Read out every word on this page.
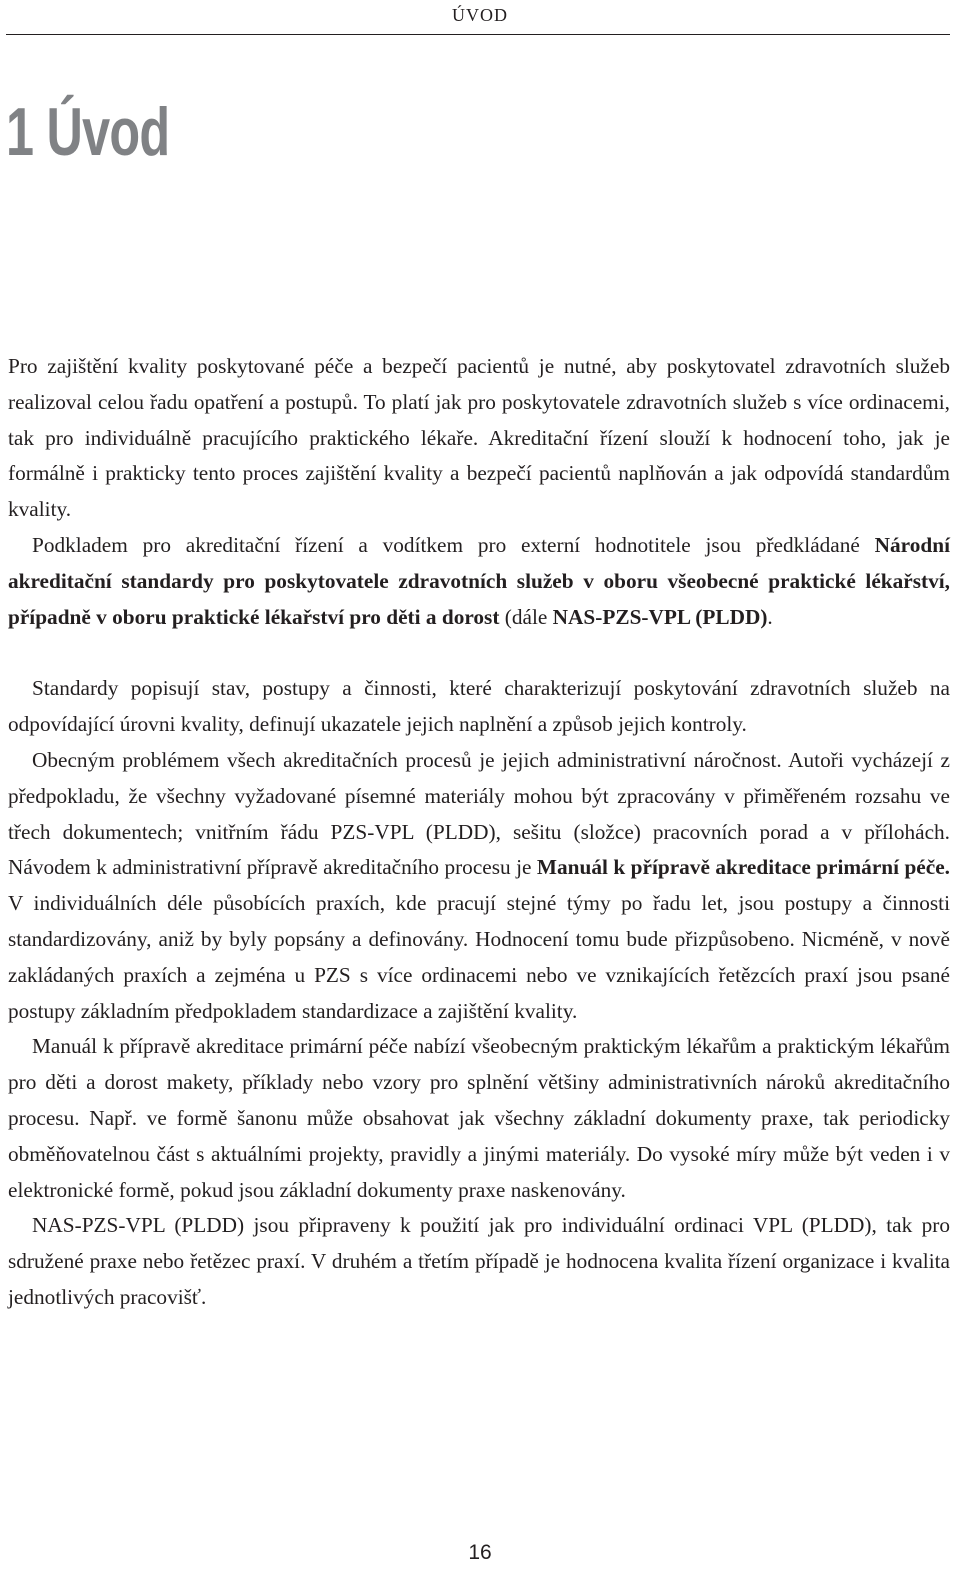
ÚVOD
1 Úvod

Pro zajištění kvality poskytované péče a bezpečí pacientů je nutné, aby poskytovatel zdravotních služeb realizoval celou řadu opatření a postupů. To platí jak pro poskytovatele zdravotních služeb s více ordinacemi, tak pro individuálně pracujícího praktického lékaře. Akreditační řízení slouží k hodnocení toho, jak je formálně i prakticky tento proces zajištění kvality a bezpečí pacientů naplňován a jak odpovídá standardům kvality.

Podkladem pro akreditační řízení a vodítkem pro externí hodnotitele jsou předkládané Národní akreditační standardy pro poskytovatele zdravotních služeb v oboru všeobecné praktické lékařství, případně v oboru praktické lékařství pro děti a dorost (dále NAS-PZS-VPL (PLDD).

Standardy popisují stav, postupy a činnosti, které charakterizují poskytování zdravotních služeb na odpovídající úrovni kvality, definují ukazatele jejich naplnění a způsob jejich kontroly.

Obecným problémem všech akreditačních procesů je jejich administrativní náročnost. Autoři vycházejí z předpokladu, že všechny vyžadované písemné materiály mohou být zpracovány v přiměřeném rozsahu ve třech dokumentech; vnitřním řádu PZS-VPL (PLDD), sešitu (složce) pracovních porad a v přílohách. Návodem k administrativní přípravě akreditačního procesu je Manuál k přípravě akreditace primární péče. V individuálních déle působících praxích, kde pracují stejné týmy po řadu let, jsou postupy a činnosti standardizovány, aniž by byly popsány a definovány. Hodnocení tomu bude přizpůsobeno. Nicméně, v nově zakládaných praxích a zejména u PZS s více ordinacemi nebo ve vznikajících řetězcích praxí jsou psané postupy základním předpokladem standardizace a zajištění kvality.

Manuál k přípravě akreditace primární péče nabízí všeobecným praktickým lékařům a praktickým lékařům pro děti a dorost makety, příklady nebo vzory pro splnění většiny administrativních nároků akreditačního procesu. Např. ve formě šanonu může obsahovat jak všechny základní dokumenty praxe, tak periodicky obměňovatelnou část s aktuálními projekty, pravidly a jinými materiály. Do vysoké míry může být veden i v elektronické formě, pokud jsou základní dokumenty praxe naskenovány.

NAS-PZS-VPL (PLDD) jsou připraveny k použití jak pro individuální ordinaci VPL (PLDD), tak pro sdružené praxe nebo řetězec praxí. V druhém a třetím případě je hodnocena kvalita řízení organizace i kvalita jednotlivých pracovišť.

16
